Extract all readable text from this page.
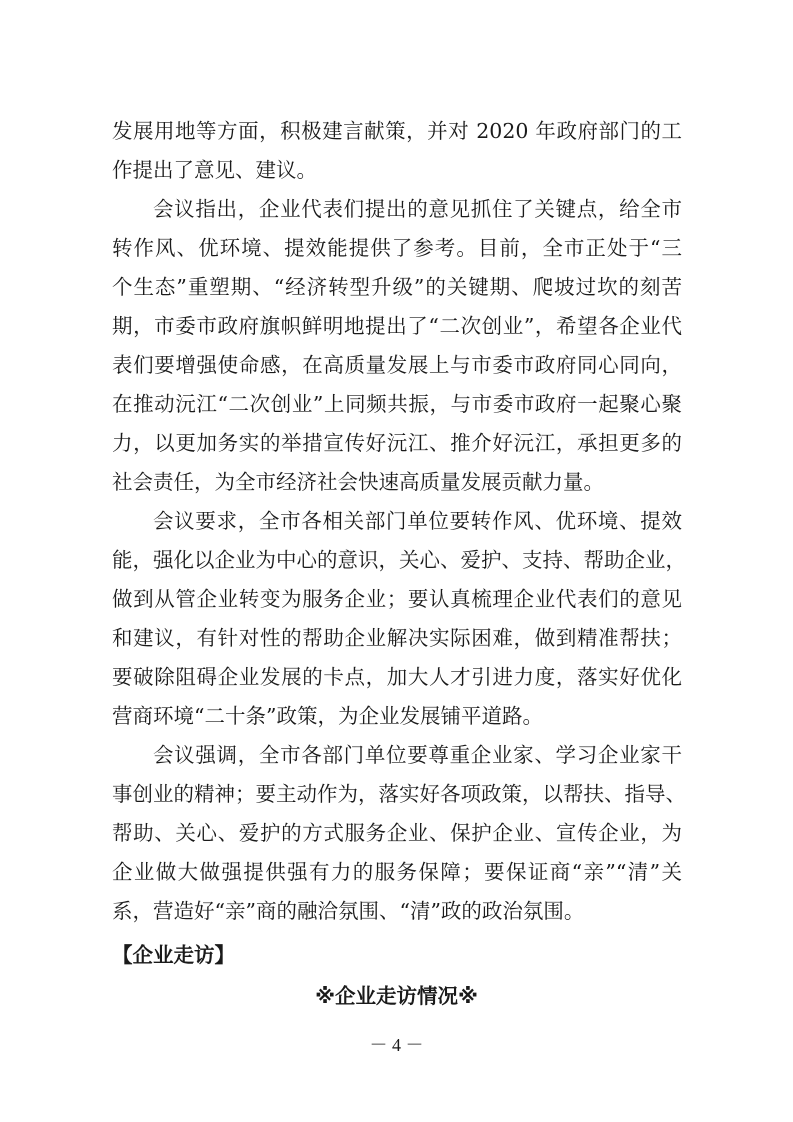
发展用地等方面，积极建言献策，并对 2020 年政府部门的工
作提出了意见、建议。
会议指出，企业代表们提出的意见抓住了关键点，给全市
转作风、优环境、提效能提供了参考。目前，全市正处于“三
个生态”重塑期、“经济转型升级”的关键期、爬坡过坎的刻苦
期，市委市政府旗帜鲜明地提出了“二次创业”，希望各企业代
表们要增强使命感，在高质量发展上与市委市政府同心同向，
在推动沅江“二次创业”上同频共振，与市委市政府一起聚心聚
力，以更加务实的举措宣传好沅江、推介好沅江，承担更多的
社会责任，为全市经济社会快速高质量发展贡献力量。
会议要求，全市各相关部门单位要转作风、优环境、提效
能，强化以企业为中心的意识，关心、爱护、支持、帮助企业，
做到从管企业转变为服务企业；要认真梳理企业代表们的意见
和建议，有针对性的帮助企业解决实际困难，做到精准帮扶；
要破除阻碍企业发展的卡点，加大人才引进力度，落实好优化
营商环境“二十条”政策，为企业发展铺平道路。
会议强调，全市各部门单位要尊重企业家、学习企业家干
事创业的精神；要主动作为，落实好各项政策，以帮扶、指导、
帮助、关心、爱护的方式服务企业、保护企业、宣传企业，为
企业做大做强提供强有力的服务保障；要保证商“亲”“清”关
系，营造好“亲”商的融洽氛围、“清”政的政治氛围。
【企业走访】
※企业走访情况※
－ 4 －
